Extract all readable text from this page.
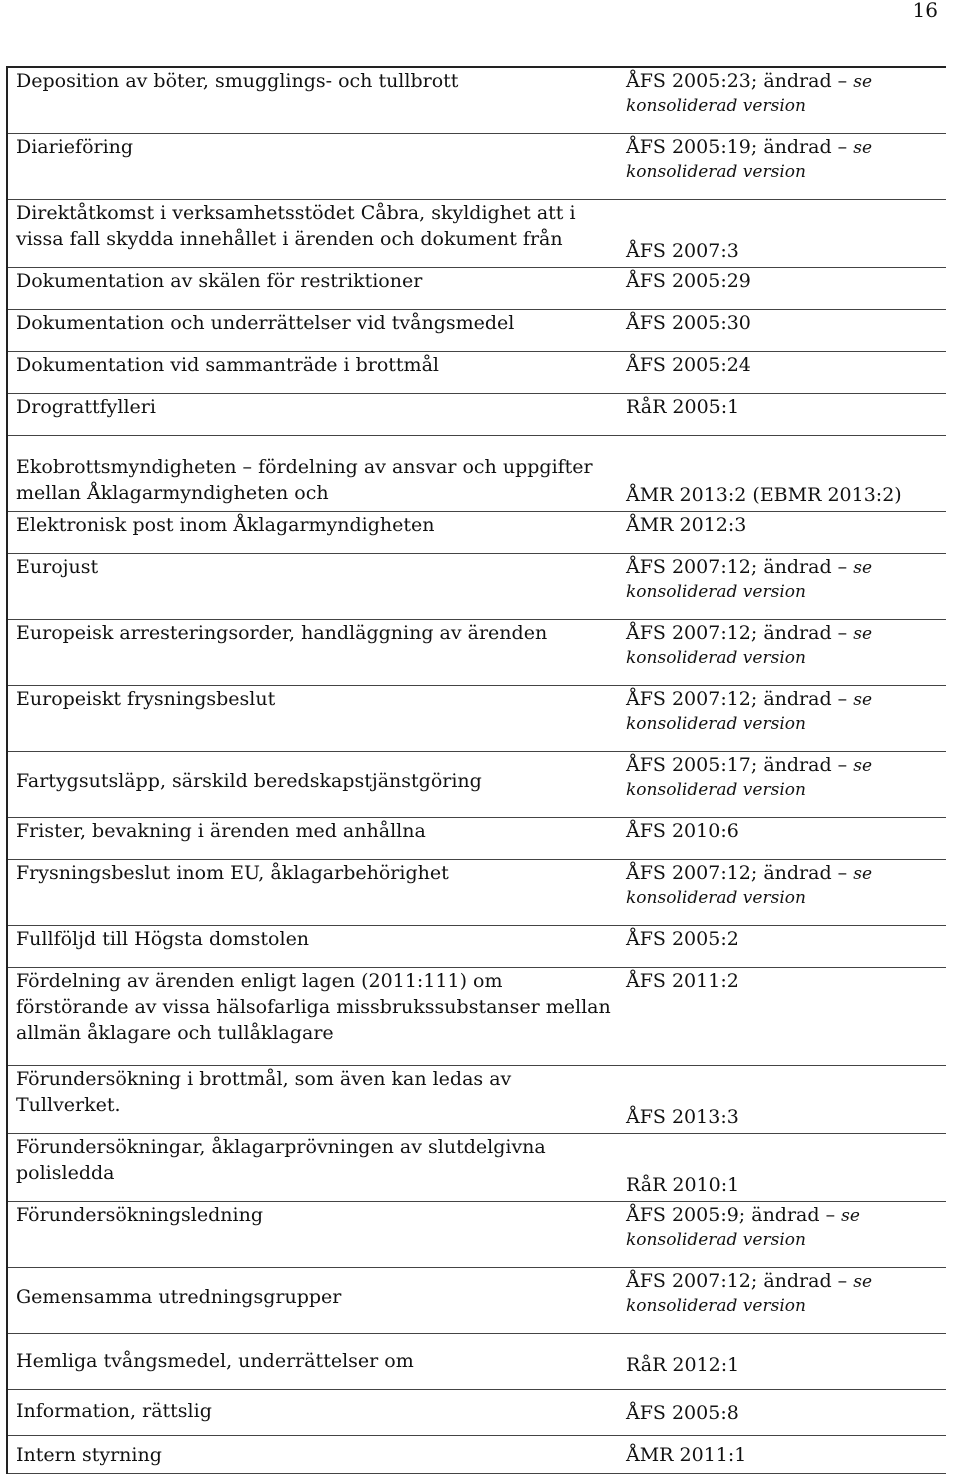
16
Deposition av böter, smugglings- och tullbrott	ÅFS 2005:23; ändrad – se
konsoliderad version

Diarieföring	ÅFS 2005:19; ändrad – se
konsoliderad version

Direktåtkomst i verksamhetsstödet Cåbra, skyldighet att i
vissa fall skydda innehållet i ärenden och dokument från	ÅFS 2007:3

Dokumentation av skälen för restriktioner	ÅFS 2005:29

Dokumentation och underrättelser vid tvångsmedel	ÅFS 2005:30

Dokumentation vid sammanträde i brottmål	ÅFS 2005:24

Drograttfylleri	RåR 2005:1

Ekobrottsmyndigheten – fördelning av ansvar och uppgifter
mellan Åklagarmyndigheten och	ÅMR 2013:2 (EBMR 2013:2)

Elektronisk post inom Åklagarmyndigheten	ÅMR 2012:3

Eurojust	ÅFS 2007:12; ändrad – se
konsoliderad version

Europeisk arresteringsorder, handläggning av ärenden	ÅFS 2007:12; ändrad – se
konsoliderad version

Europeiskt frysningsbeslut	ÅFS 2007:12; ändrad – se
konsoliderad version

Fartygsutsläpp, särskild beredskapstjänstgöring	ÅFS 2005:17; ändrad – se
konsoliderad version

Frister, bevakning i ärenden med anhållna	ÅFS 2010:6

Frysningsbeslut inom EU, åklagarbehörighet	ÅFS 2007:12; ändrad – se
konsoliderad version

Fullföljd till Högsta domstolen	ÅFS 2005:2

Fördelning av ärenden enligt lagen (2011:111) om
förstörande av vissa hälsofarliga missbrukssubstanser mellan
allmän åklagare och tullåklagare	ÅFS 2011:2

Förundersökning i brottmål, som även kan ledas av
Tullverket.	ÅFS 2013:3

Förundersökningar, åklagarprövningen av slutdelgivna
polisledda	RåR 2010:1

Förundersökningsledning	ÅFS 2005:9; ändrad – se
konsoliderad version

Gemensamma utredningsgrupper	ÅFS 2007:12; ändrad – se
konsoliderad version

Hemliga tvångsmedel, underrättelser om	RåR 2012:1

Information, rättslig	ÅFS 2005:8

Intern styrning	ÅMR 2011:1
